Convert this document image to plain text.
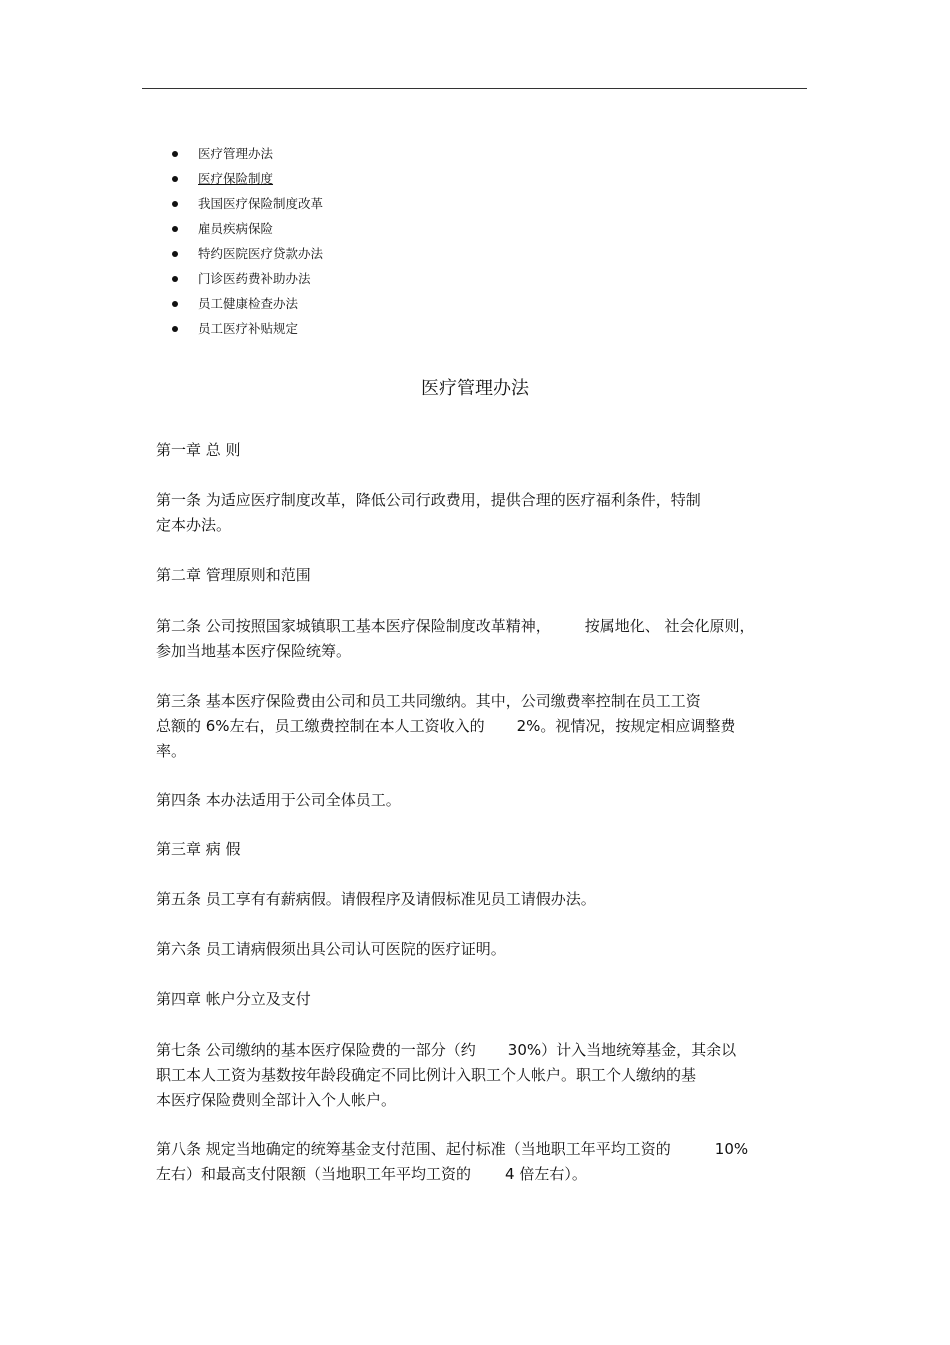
医疗管理办法
医疗保险制度
我国医疗保险制度改革
雇员疾病保险
特约医院医疗贷款办法
门诊医药费补助办法
员工健康检查办法
员工医疗补贴规定
医疗管理办法
第一章 总 则
第一条 为适应医疗制度改革，降低公司行政费用，提供合理的医疗福利条件，特制
定本办法。
第二章 管理原则和范围
第二条 公司按照国家城镇职工基本医疗保险制度改革精神， 按属地化、 社会化原则，
参加当地基本医疗保险统筹。
第三条 基本医疗保险费由公司和员工共同缴纳。其中，公司缴费率控制在员工工资
总额的 6%左右，员工缴费控制在本人工资收入的 2%。视情况，按规定相应调整费
率。
第四条 本办法适用于公司全体员工。
第三章 病 假
第五条 员工享有有薪病假。请假程序及请假标准见员工请假办法。
第六条 员工请病假须出具公司认可医院的医疗证明。
第四章 帐户分立及支付
第七条 公司缴纳的基本医疗保险费的一部分（约 30%）计入当地统筹基金，其余以
职工本人工资为基数按年龄段确定不同比例计入职工个人帐户。职工个人缴纳的基
本医疗保险费则全部计入个人帐户。
第八条 规定当地确定的统筹基金支付范围、起付标准（当地职工年平均工资的	10%
左右）和最高支付限额（当地职工年平均工资的 4 倍左右）。
